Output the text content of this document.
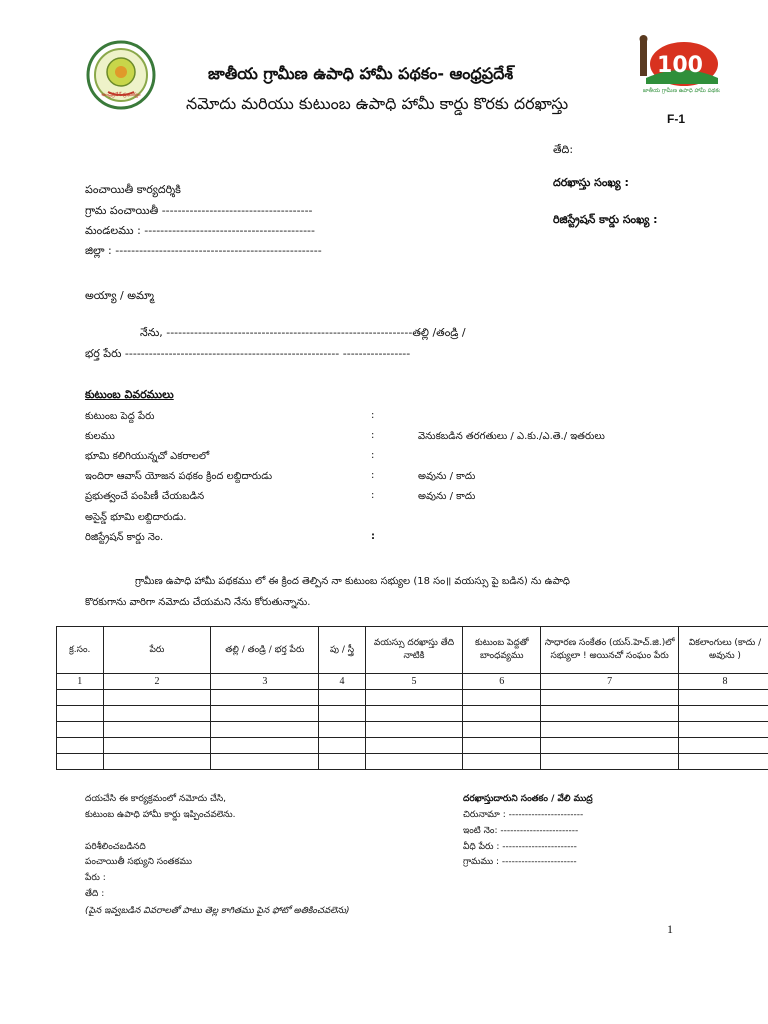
ఆంధ్రప్రదేశ్ ప్రభుత్వం
100
జాతీయ గ్రామీణ ఉపాధి హామీ పథకం
జాతీయ గ్రామీణ ఉపాధి హామీ పథకం- ఆంధ్రప్రదేశ్
నమోదు మరియు కుటుంబ ఉపాధి హామీ కార్డు కొరకు దరఖాస్తు
F-1
తేది:
దరఖాస్తు సంఖ్య :
రిజిస్ట్రేషన్ కార్డు సంఖ్య :
పంచాయితీ కార్యదర్శికి
గ్రామ పంచాయితీ --------------------------------------
మండలము : -------------------------------------------
జిల్లా : ----------------------------------------------------
అయ్యా / అమ్మా
నేను, --------------------------------------------------------------తల్లి /తండ్రి /
భర్త పేరు ------------------------------------------------------ -----------------
కుటుంబ వివరములు
కుటుంబ పెద్ద పేరు	:
కులము	:	వెనుకబడిన తరగతులు / ఎ.కు./ఎ.తె./ ఇతరులు
భూమి కలిగియున్నచో ఎకరాలలో	:
ఇందిరా ఆవాస్ యోజన పథకం క్రింద లబ్దిదారుడు	:	అవును / కాదు
ప్రభుత్వంచే పంపిణీ చేయబడిన	:	అవును / కాదు
అసైన్డ్ భూమి లబ్దిదారుడు.
రిజిస్ట్రేషన్ కార్డు నెం.	:
గ్రామీణ ఉపాధి హామీ పథకము లో ఈ క్రింద తెల్పిన నా కుటుంబ సభ్యుల (18 సం॥ వయస్సు పై బడిన) ను ఉపాధి
కొరకుగాను వారిగా నమోదు చేయమని నేను కోరుతున్నాను.
క్ర.సం.	పేరు	తల్లి / తండ్రి / భర్త పేరు	పు / స్త్రీ	వయస్సు దరఖాస్తు తేది నాటికి	కుటుంబ పెద్దతో బాంధవ్యము	సాధారణ సంకేతం (యస్.హెచ్.జి.)లో సభ్యులా ! అయినచో సంఘం పేరు	వికలాంగులు (కాదు / అవును )
1	2	3	4	5	6	7	8

దయచేసి ఈ కార్యక్రమంలో నమోదు చేసి,
కుటుంబ ఉపాధి హామీ కార్డు ఇప్పించవలెను.
పరిశీలించబడినది
పంచాయితీ సభ్యుని సంతకము
పేరు :
తేది :
(పైన ఇవ్వబడిన వివరాలతో పాటు తెల్ల కాగితము పైన ఫోటో అతికించవలెను)
దరఖాస్తుదారుని సంతకం / వేలి ముద్ర
చిరునామా : -----------------------
ఇంటి నెం: ------------------------
వీధి పేరు : -----------------------
గ్రామము : -----------------------
1
